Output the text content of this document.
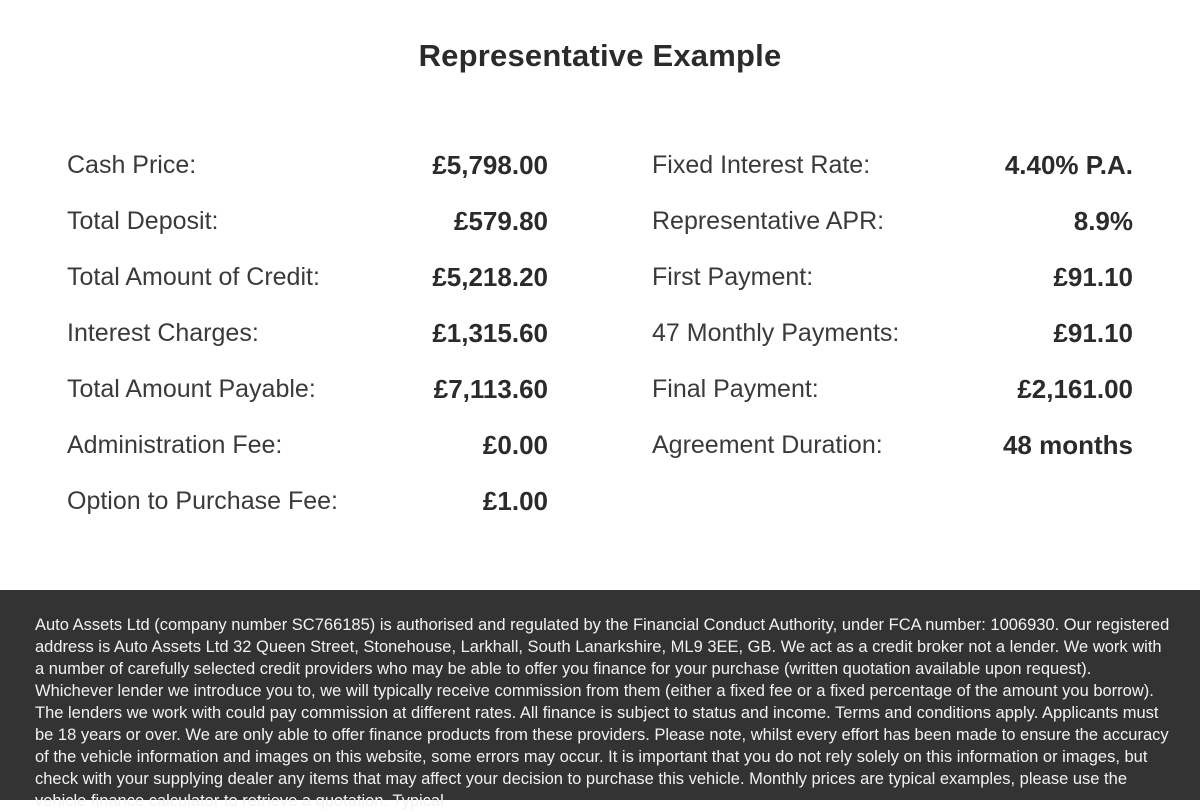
Representative Example
Cash Price:	£5,798.00
Total Deposit:	£579.80
Total Amount of Credit:	£5,218.20
Interest Charges:	£1,315.60
Total Amount Payable:	£7,113.60
Administration Fee:	£0.00
Option to Purchase Fee:	£1.00
Fixed Interest Rate:	4.40% P.A.
Representative APR:	8.9%
First Payment:	£91.10
47 Monthly Payments:	£91.10
Final Payment:	£2,161.00
Agreement Duration:	48 months

Auto Assets Ltd (company number SC766185) is authorised and regulated by the Financial Conduct Authority, under FCA number: 1006930. Our registered address is Auto Assets Ltd 32 Queen Street, Stonehouse, Larkhall, South Lanarkshire, ML9 3EE, GB. We act as a credit broker not a lender. We work with a number of carefully selected credit providers who may be able to offer you finance for your purchase (written quotation available upon request). Whichever lender we introduce you to, we will typically receive commission from them (either a fixed fee or a fixed percentage of the amount you borrow). The lenders we work with could pay commission at different rates. All finance is subject to status and income. Terms and conditions apply. Applicants must be 18 years or over. We are only able to offer finance products from these providers. Please note, whilst every effort has been made to ensure the accuracy of the vehicle information and images on this website, some errors may occur. It is important that you do not rely solely on this information or images, but check with your supplying dealer any items that may affect your decision to purchase this vehicle. Monthly prices are typical examples, please use the vehicle finance calculator to retrieve a quotation. Typical
